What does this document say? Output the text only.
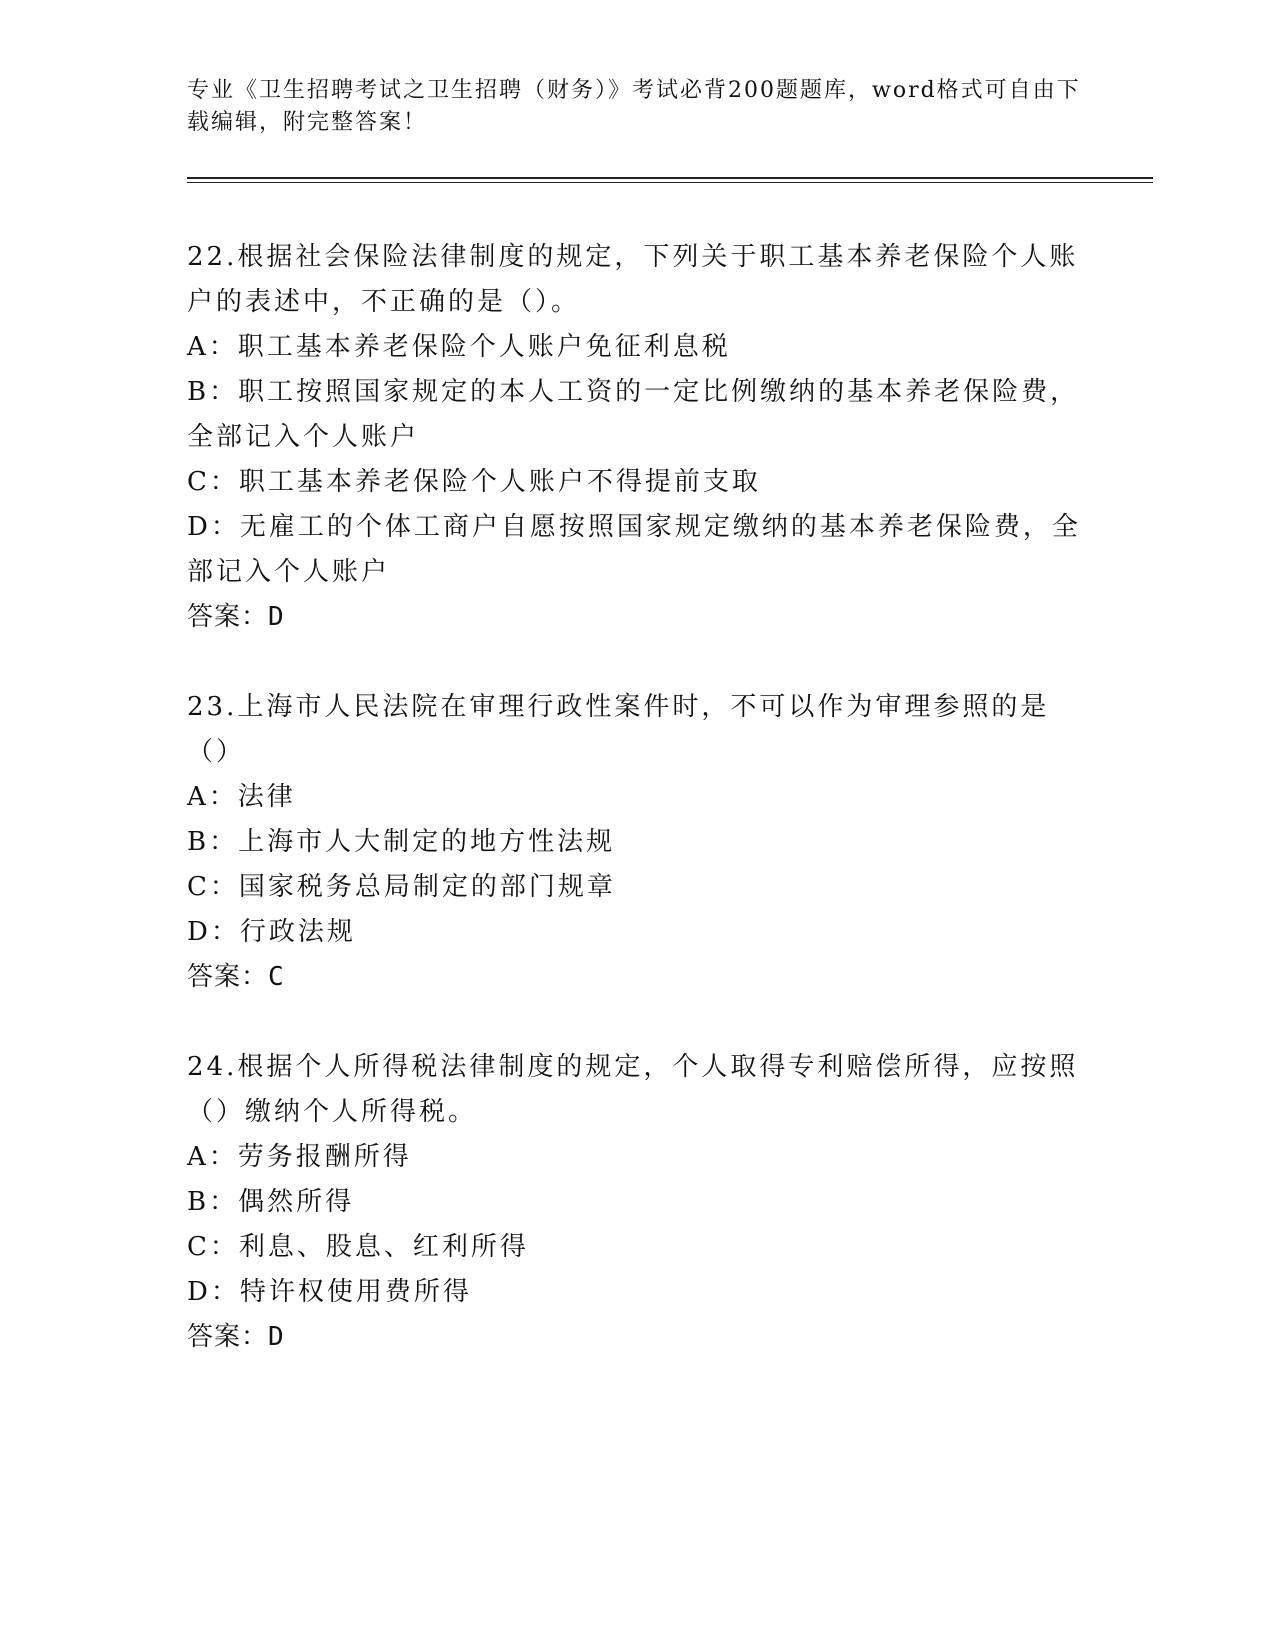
专业《卫生招聘考试之卫生招聘（财务）》考试必背200题题库，word格式可自由下载编辑，附完整答案！
22.根据社会保险法律制度的规定，下列关于职工基本养老保险个人账户的表述中，不正确的是（）。
A：职工基本养老保险个人账户免征利息税
B：职工按照国家规定的本人工资的一定比例缴纳的基本养老保险费，全部记入个人账户
C：职工基本养老保险个人账户不得提前支取
D：无雇工的个体工商户自愿按照国家规定缴纳的基本养老保险费，全部记入个人账户
答案：D
23.上海市人民法院在审理行政性案件时，不可以作为审理参照的是（）
A：法律
B：上海市人大制定的地方性法规
C：国家税务总局制定的部门规章
D：行政法规
答案：C
24.根据个人所得税法律制度的规定，个人取得专利赔偿所得，应按照（）缴纳个人所得税。
A：劳务报酬所得
B：偶然所得
C：利息、股息、红利所得
D：特许权使用费所得
答案：D
